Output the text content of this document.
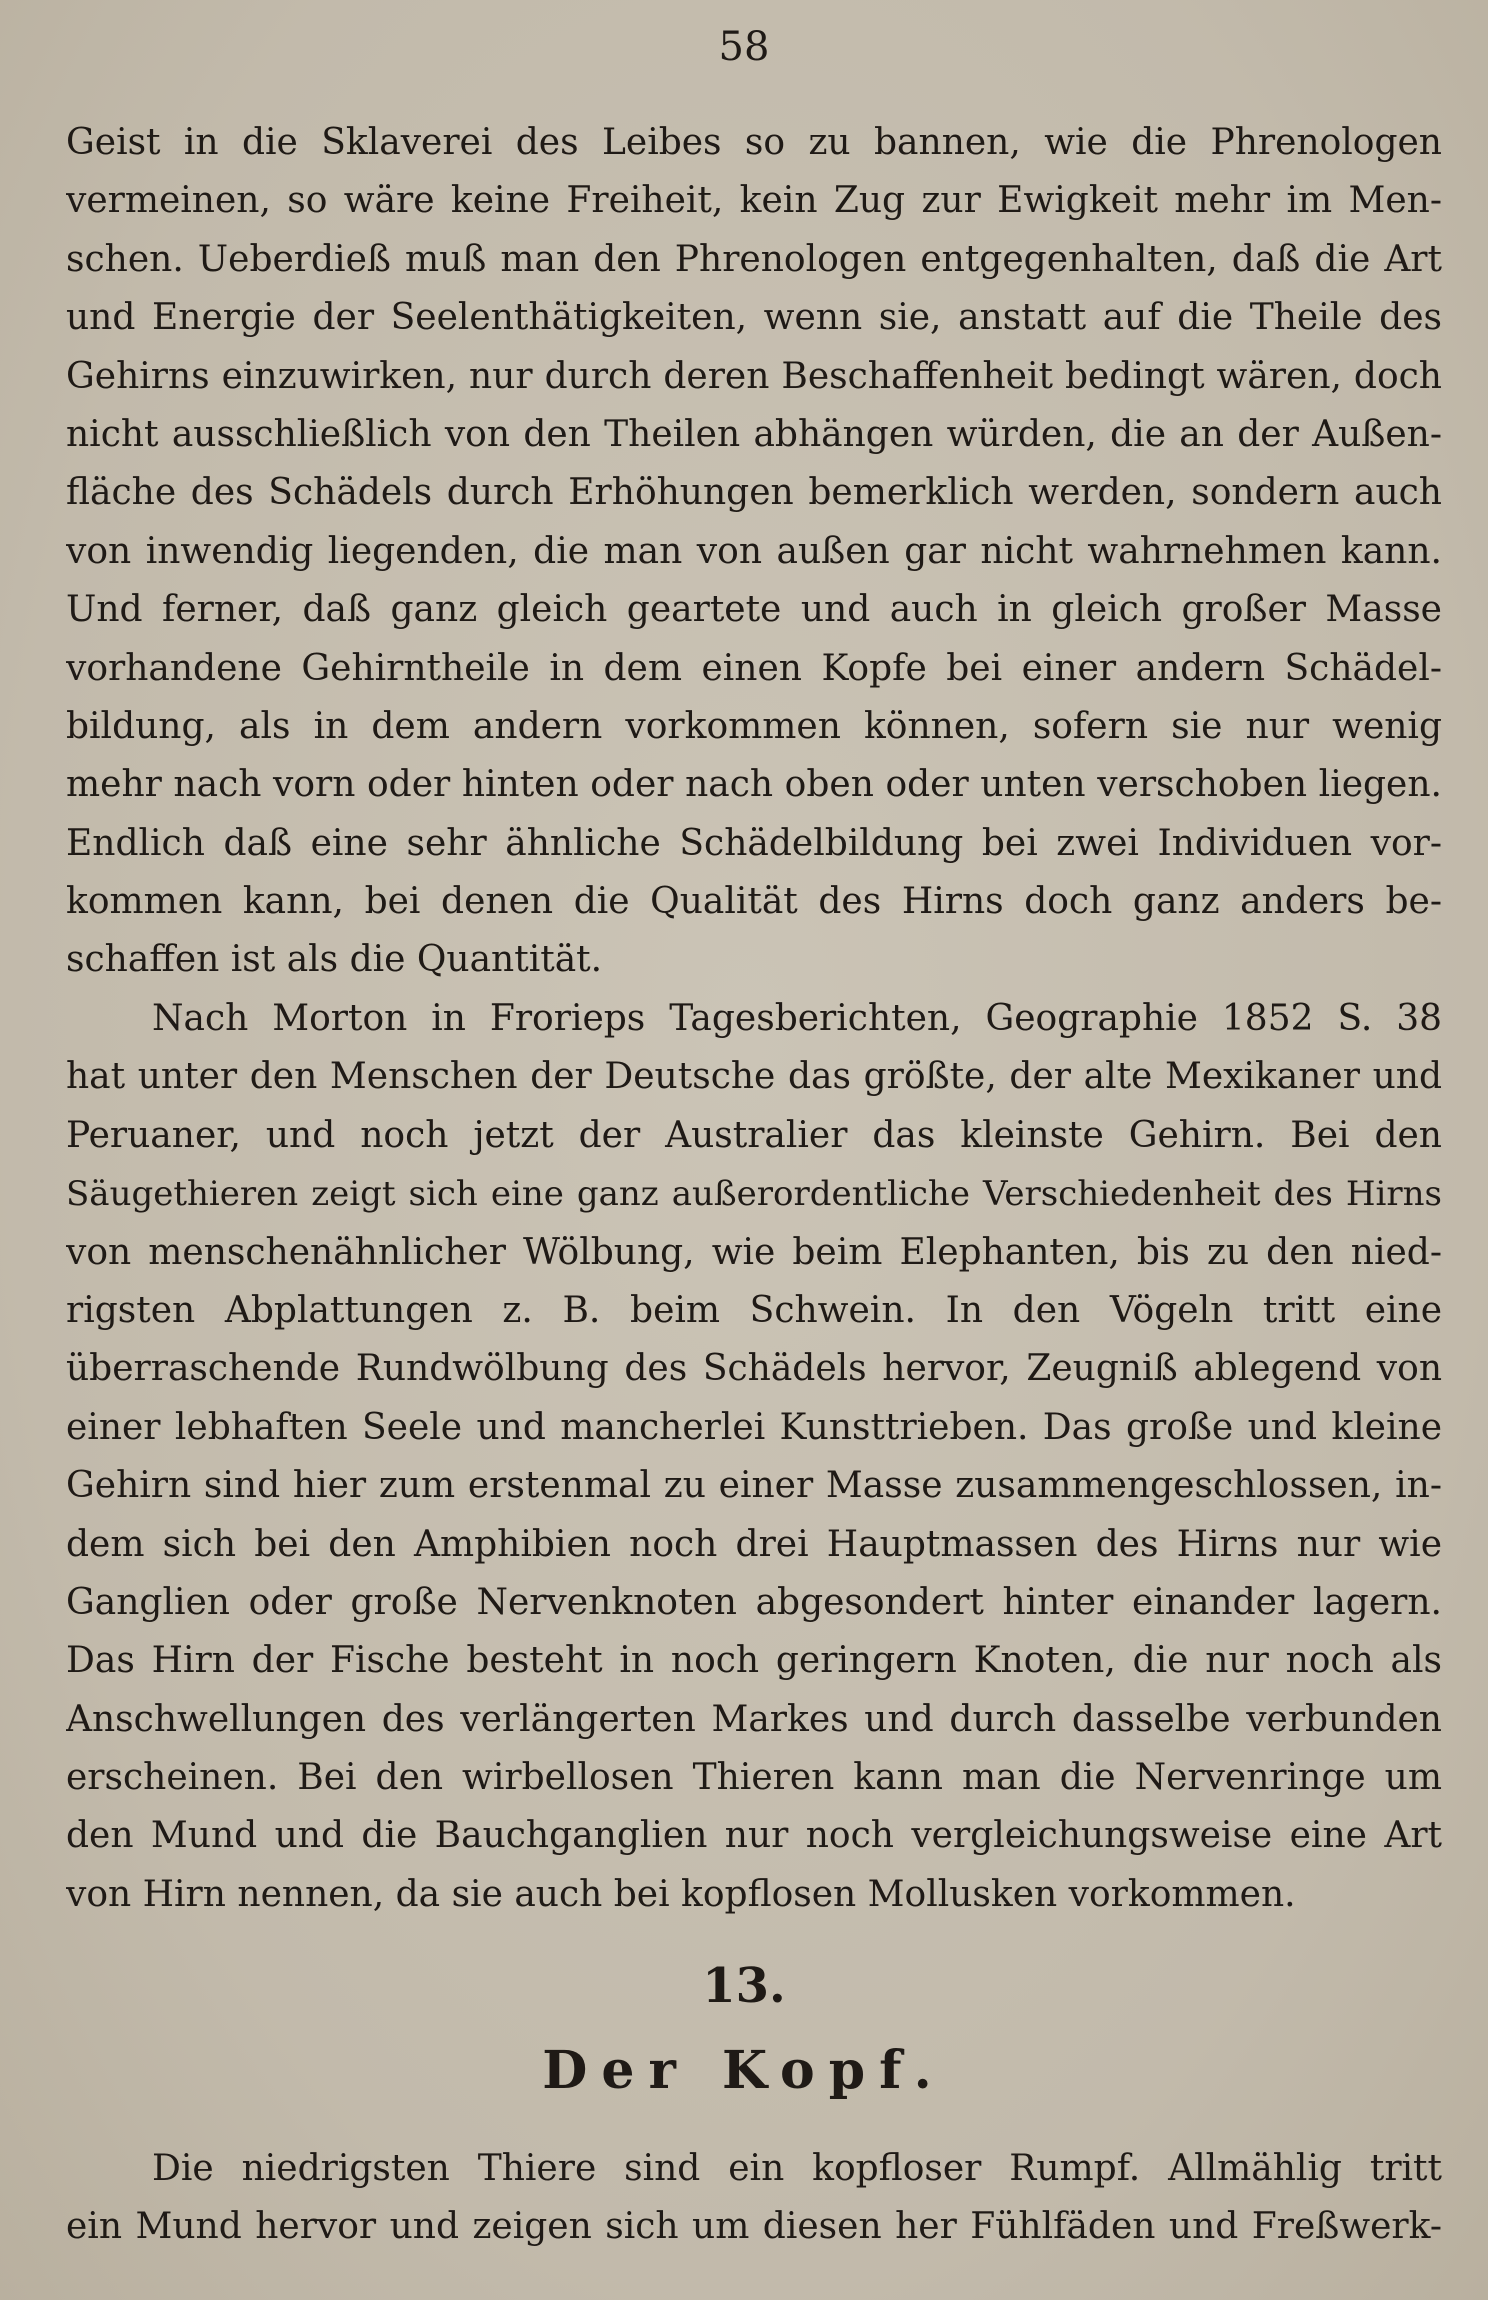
58
Geist in die Sklaverei des Leibes so zu bannen, wie die Phrenologen
vermeinen, so wäre keine Freiheit, kein Zug zur Ewigkeit mehr im Men-
schen. Ueberdieß muß man den Phrenologen entgegenhalten, daß die Art
und Energie der Seelenthätigkeiten, wenn sie, anstatt auf die Theile des
Gehirns einzuwirken, nur durch deren Beschaffenheit bedingt wären, doch
nicht ausschließlich von den Theilen abhängen würden, die an der Außen-
fläche des Schädels durch Erhöhungen bemerklich werden, sondern auch
von inwendig liegenden, die man von außen gar nicht wahrnehmen kann.
Und ferner, daß ganz gleich geartete und auch in gleich großer Masse
vorhandene Gehirntheile in dem einen Kopfe bei einer andern Schädel-
bildung, als in dem andern vorkommen können, sofern sie nur wenig
mehr nach vorn oder hinten oder nach oben oder unten verschoben liegen.
Endlich daß eine sehr ähnliche Schädelbildung bei zwei Individuen vor-
kommen kann, bei denen die Qualität des Hirns doch ganz anders be-
schaffen ist als die Quantität.
Nach Morton in Frorieps Tagesberichten, Geographie 1852 S. 38
hat unter den Menschen der Deutsche das größte, der alte Mexikaner und
Peruaner, und noch jetzt der Australier das kleinste Gehirn. Bei den
Säugethieren zeigt sich eine ganz außerordentliche Verschiedenheit des Hirns
von menschenähnlicher Wölbung, wie beim Elephanten, bis zu den nied-
rigsten Abplattungen z. B. beim Schwein. In den Vögeln tritt eine
überraschende Rundwölbung des Schädels hervor, Zeugniß ablegend von
einer lebhaften Seele und mancherlei Kunsttrieben. Das große und kleine
Gehirn sind hier zum erstenmal zu einer Masse zusammengeschlossen, in-
dem sich bei den Amphibien noch drei Hauptmassen des Hirns nur wie
Ganglien oder große Nervenknoten abgesondert hinter einander lagern.
Das Hirn der Fische besteht in noch geringern Knoten, die nur noch als
Anschwellungen des verlängerten Markes und durch dasselbe verbunden
erscheinen. Bei den wirbellosen Thieren kann man die Nervenringe um
den Mund und die Bauchganglien nur noch vergleichungsweise eine Art
von Hirn nennen, da sie auch bei kopflosen Mollusken vorkommen.
13.
Der Kopf.
Die niedrigsten Thiere sind ein kopfloser Rumpf. Allmählig tritt
ein Mund hervor und zeigen sich um diesen her Fühlfäden und Freßwerk-
